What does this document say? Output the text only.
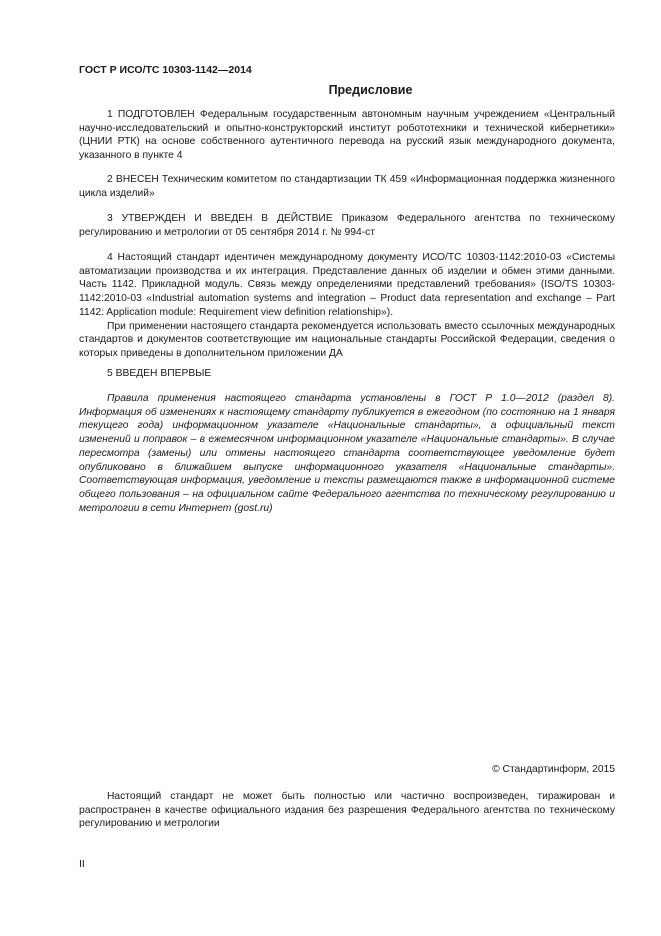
ГОСТ Р ИСО/ТС 10303-1142—2014
Предисловие

1 ПОДГОТОВЛЕН Федеральным государственным автономным научным учреждением «Центральный научно-исследовательский и опытно-конструкторский институт робототехники и технической кибернетики» (ЦНИИ РТК) на основе собственного аутентичного перевода на русский язык международного документа, указанного в пункте 4

2 ВНЕСЕН Техническим комитетом по стандартизации ТК 459 «Информационная поддержка жизненного цикла изделий»

3 УТВЕРЖДЕН И ВВЕДЕН В ДЕЙСТВИЕ Приказом Федерального агентства по техническому регулированию и метрологии от 05 сентября 2014 г. № 994-ст

4 Настоящий стандарт идентичен международному документу ИСО/ТС 10303-1142:2010-03 «Системы автоматизации производства и их интеграция. Представление данных об изделии и обмен этими данными. Часть 1142. Прикладной модуль. Связь между определениями представлений требования» (ISO/TS 10303-1142:2010-03 «Industrial automation systems and integration – Product data representation and exchange – Part 1142: Application module: Requirement view definition relationship»).

При применении настоящего стандарта рекомендуется использовать вместо ссылочных международных стандартов и документов соответствующие им национальные стандарты Российской Федерации, сведения о которых приведены в дополнительном приложении ДА

5 ВВЕДЕН ВПЕРВЫЕ

Правила применения настоящего стандарта установлены в ГОСТ Р 1.0—2012 (раздел 8). Информация об изменениях к настоящему стандарту публикуется в ежегодном (по состоянию на 1 января текущего года) информационном указателе «Национальные стандарты», а официальный текст изменений и поправок – в ежемесячном информационном указателе «Национальные стандарты». В случае пересмотра (замены) или отмены настоящего стандарта соответствующее уведомление будет опубликовано в ближайшем выпуске информационного указателя «Национальные стандарты». Соответствующая информация, уведомление и тексты размещаются также в информационной системе общего пользования – на официальном сайте Федерального агентства по техническому регулированию и метрологии в сети Интернет (gost.ru)

© Стандартинформ, 2015

Настоящий стандарт не может быть полностью или частично воспроизведен, тиражирован и распространен в качестве официального издания без разрешения Федерального агентства по техническому регулированию и метрологии

II
